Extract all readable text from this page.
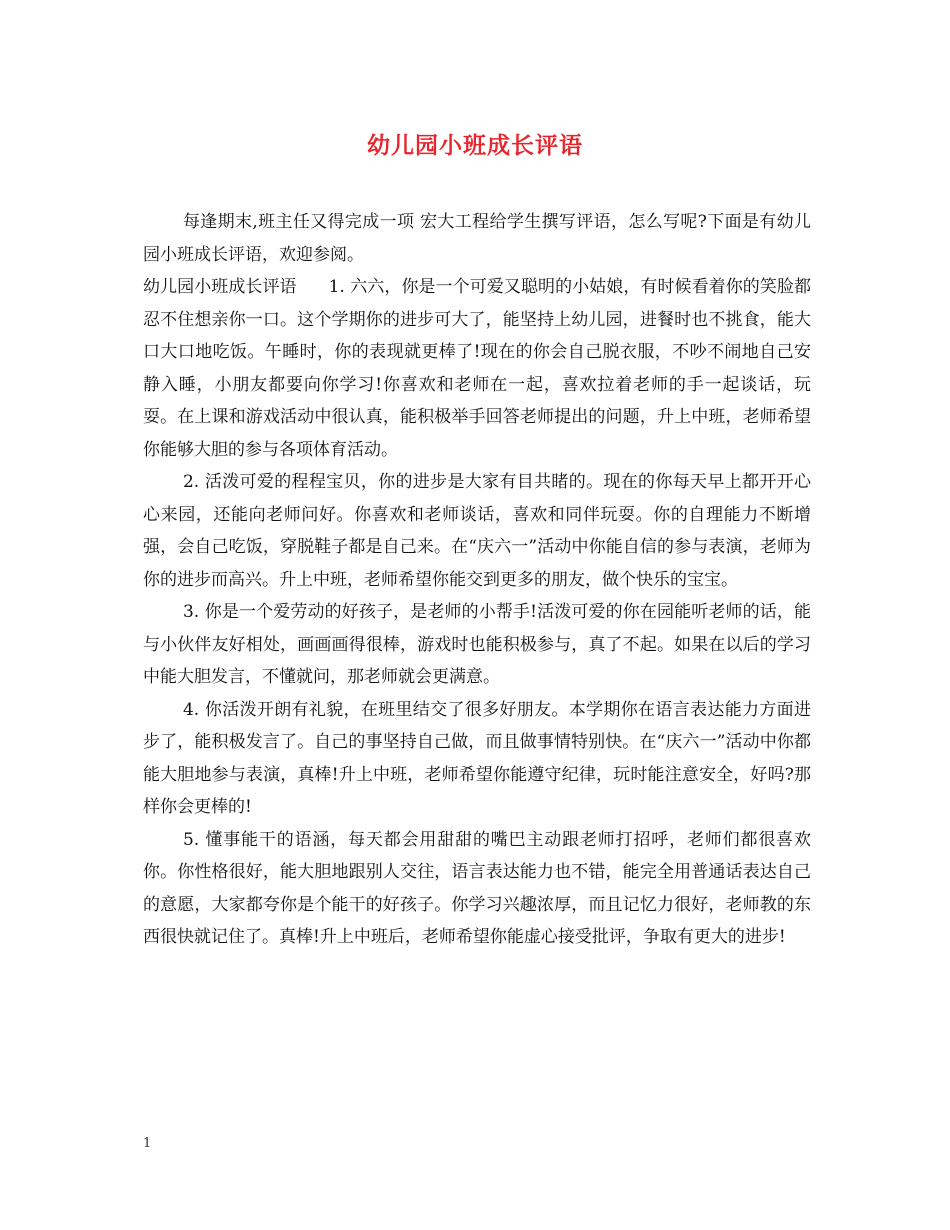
幼儿园小班成长评语

每逢期末,班主任又得完成一项 宏大工程给学生撰写评语，怎么写呢?下面是有幼儿园小班成长评语，欢迎参阅。

幼儿园小班成长评语 1. 六六，你是一个可爱又聪明的小姑娘，有时候看着你的笑脸都忍不住想亲你一口。这个学期你的进步可大了，能坚持上幼儿园，进餐时也不挑食，能大口大口地吃饭。午睡时，你的表现就更棒了!现在的你会自己脱衣服，不吵不闹地自己安静入睡，小朋友都要向你学习!你喜欢和老师在一起，喜欢拉着老师的手一起谈话，玩耍。在上课和游戏活动中很认真，能积极举手回答老师提出的问题，升上中班，老师希望你能够大胆的参与各项体育活动。

2. 活泼可爱的程程宝贝，你的进步是大家有目共睹的。现在的你每天早上都开开心心来园，还能向老师问好。你喜欢和老师谈话，喜欢和同伴玩耍。你的自理能力不断增强，会自己吃饭，穿脱鞋子都是自己来。在“庆六一”活动中你能自信的参与表演，老师为你的进步而高兴。升上中班，老师希望你能交到更多的朋友，做个快乐的宝宝。

3. 你是一个爱劳动的好孩子，是老师的小帮手!活泼可爱的你在园能听老师的话，能与小伙伴友好相处，画画画得很棒，游戏时也能积极参与，真了不起。如果在以后的学习中能大胆发言，不懂就问，那老师就会更满意。

4. 你活泼开朗有礼貌，在班里结交了很多好朋友。本学期你在语言表达能力方面进步了，能积极发言了。自己的事坚持自己做，而且做事情特别快。在“庆六一”活动中你都能大胆地参与表演，真棒!升上中班，老师希望你能遵守纪律，玩时能注意安全，好吗?那样你会更棒的!

5. 懂事能干的语涵，每天都会用甜甜的嘴巴主动跟老师打招呼，老师们都很喜欢你。你性格很好，能大胆地跟别人交往，语言表达能力也不错，能完全用普通话表达自己的意愿，大家都夸你是个能干的好孩子。你学习兴趣浓厚，而且记忆力很好，老师教的东西很快就记住了。真棒!升上中班后，老师希望你能虚心接受批评，争取有更大的进步!

1
